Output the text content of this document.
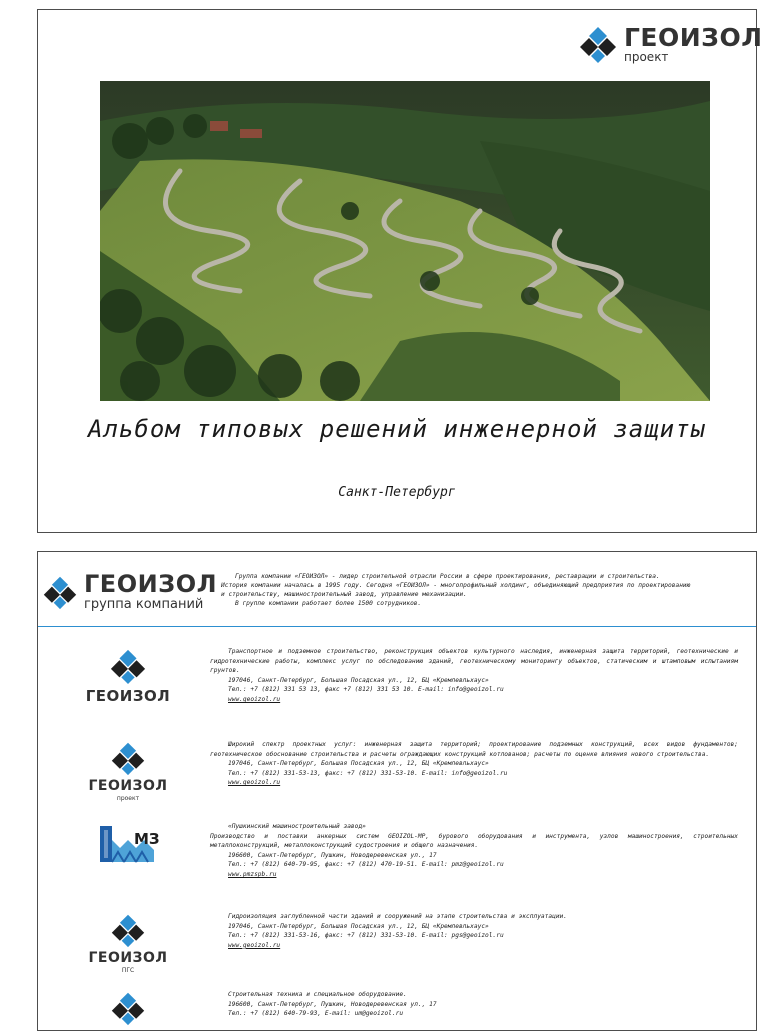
ГЕОИЗОЛ
проект
Альбом типовых решений инженерной защиты
Санкт-Петербург
ГЕОИЗОЛ
группа компаний

Группа компании «ГЕОИЗОЛ» - лидер строительной отрасли России в сфере проектирования, реставрации и строительства.

История компании началась в 1995 году. Сегодня «ГЕОИЗОЛ» - многопрофильный холдинг, объединяющий предприятия по проектированию

и строительству, машиностроительный завод, управление механизации.

В группе компании работает более 1500 сотрудников.

ГЕОИЗОЛ

Транспортное и подземное строительство, реконструкция объектов культурного наследия, инженерная защита территорий, геотехнические и гидротехнические работы, комплекс услуг по обследованию зданий, геотехническому мониторингу объектов, статическим и штамповым испытаниям грунтов.

197046, Санкт-Петербург, Большая Посадская ул., 12, БЦ «Кремлевльхаус»

Тел.: +7 (812) 331 53 13, факс +7 (812) 331 53 10. E-mail: info@geoizol.ru

www.geoizol.ru

ГЕОИЗОЛ
проект

Широкий спектр проектных услуг: инженерная защита территорий; проектирование подземных конструкций, всех видов фундаментов; геотехническое обоснование строительства и расчеты ограждающих конструкций котлованов; расчеты по оценке влияния нового строительства.

197046, Санкт-Петербург, Большая Посадская ул., 12, БЦ «Кремлевльхаус»

Тел.: +7 (812) 331-53-13, факс: +7 (812) 331-53-10. E-mail: info@geoizol.ru

www.geoizol.ru

МЗ

«Пушкинский машиностроительный завод»

Производство и поставки анкерных систем GEOIZOL-MP, бурового оборудования и инструмента, узлов машиностроения, строительных металлоконструкций, металлоконструкций судостроения и общего назначения.

196600, Санкт-Петербург, Пушкин, Новодеревенская ул., 17

Тел.: +7 (812) 640-79-95, факс: +7 (812) 470-19-51. E-mail: pmz@geoizol.ru

www.pmzspb.ru

ГЕОИЗОЛ
ПГС

Гидроизоляция заглубленной части зданий и сооружений на этапе строительства и эксплуатации.

197046, Санкт-Петербург, Большая Посадская ул., 12, БЦ «Кремлевльхаус»

Тел.: +7 (812) 331-53-16, факс: +7 (812) 331-53-10. E-mail: pgs@geoizol.ru

www.geoizol.ru

Строительная техника и специальное оборудование.

196600, Санкт-Петербург, Пушкин, Новодеревенская ул., 17

Тел.: +7 (812) 640-79-93, E-mail: um@geoizol.ru
